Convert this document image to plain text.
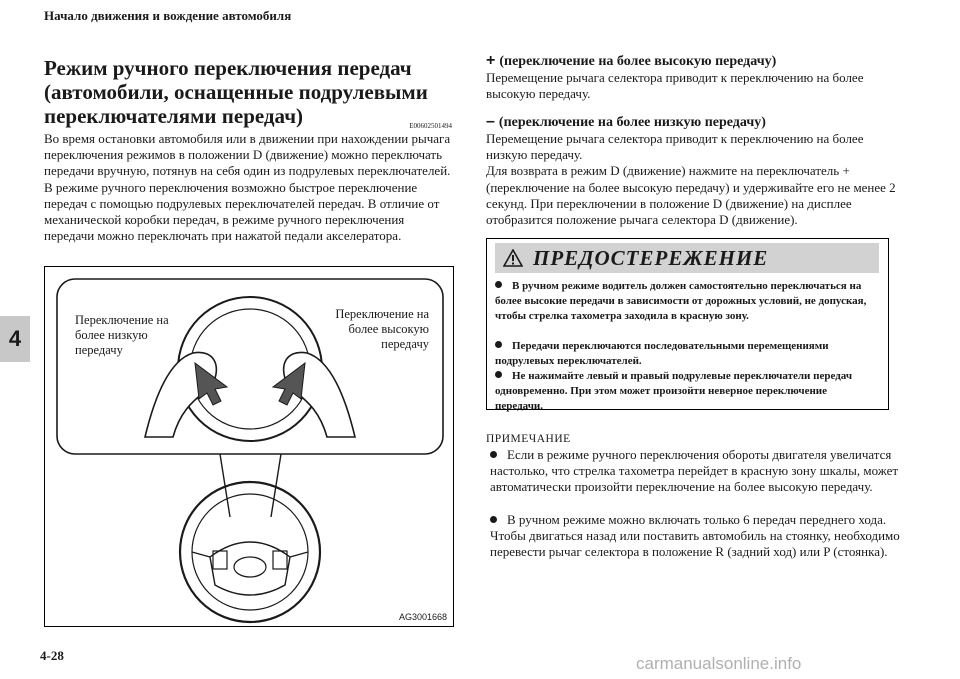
Начало движения и вождение автомобиля
4
Режим ручного переключения передач (автомобили, оснащенные подрулевыми переключателями передач)	E00602501494
Во время остановки автомобиля или в движении при нахождении рычага переключения режимов в положении D (движение) можно переключать передачи вручную, потянув на себя один из подрулевых переключателей. В режиме ручного переключения возможно быстрое переключение передач с помощью подрулевых переключателей передач. В отличие от механической коробки передач, в режиме ручного переключения передачи можно переключать при нажатой педали акселератора.
Переключение на более низкую передачу
Переключение на более высокую передачу
AG3001668
+ (переключение на более высокую передачу)
Перемещение рычага селектора приводит к переключению на более высокую передачу.
– (переключение на более низкую передачу)
Перемещение рычага селектора приводит к переключению на более низкую передачу.
Для возврата в режим D (движение) нажмите на переключатель + (переключение на более высокую передачу) и удерживайте его не менее 2 секунд. При переключении в положение D (движение) на дисплее отобразится положение рычага селектора D (движение).
ПРЕДОСТЕРЕЖЕНИЕ
В ручном режиме водитель должен самостоятельно переключаться на более высокие передачи в зависимости от дорожных условий, не допуская, чтобы стрелка тахометра заходила в красную зону.
Передачи переключаются последовательными перемещениями подрулевых переключателей.
Не нажимайте левый и правый подрулевые переключатели передач одновременно. При этом может произойти неверное переключение передачи.
ПРИМЕЧАНИЕ
Если в режиме ручного переключения обороты двигателя увеличатся настолько, что стрелка тахометра перейдет в красную зону шкалы, может автоматически произойти переключение на более высокую передачу.
В ручном режиме можно включать только 6 передач переднего хода. Чтобы двигаться назад или поставить автомобиль на стоянку, необходимо перевести рычаг селектора в положение R (задний ход) или P (стоянка).
4-28	carmanualsonline.info
